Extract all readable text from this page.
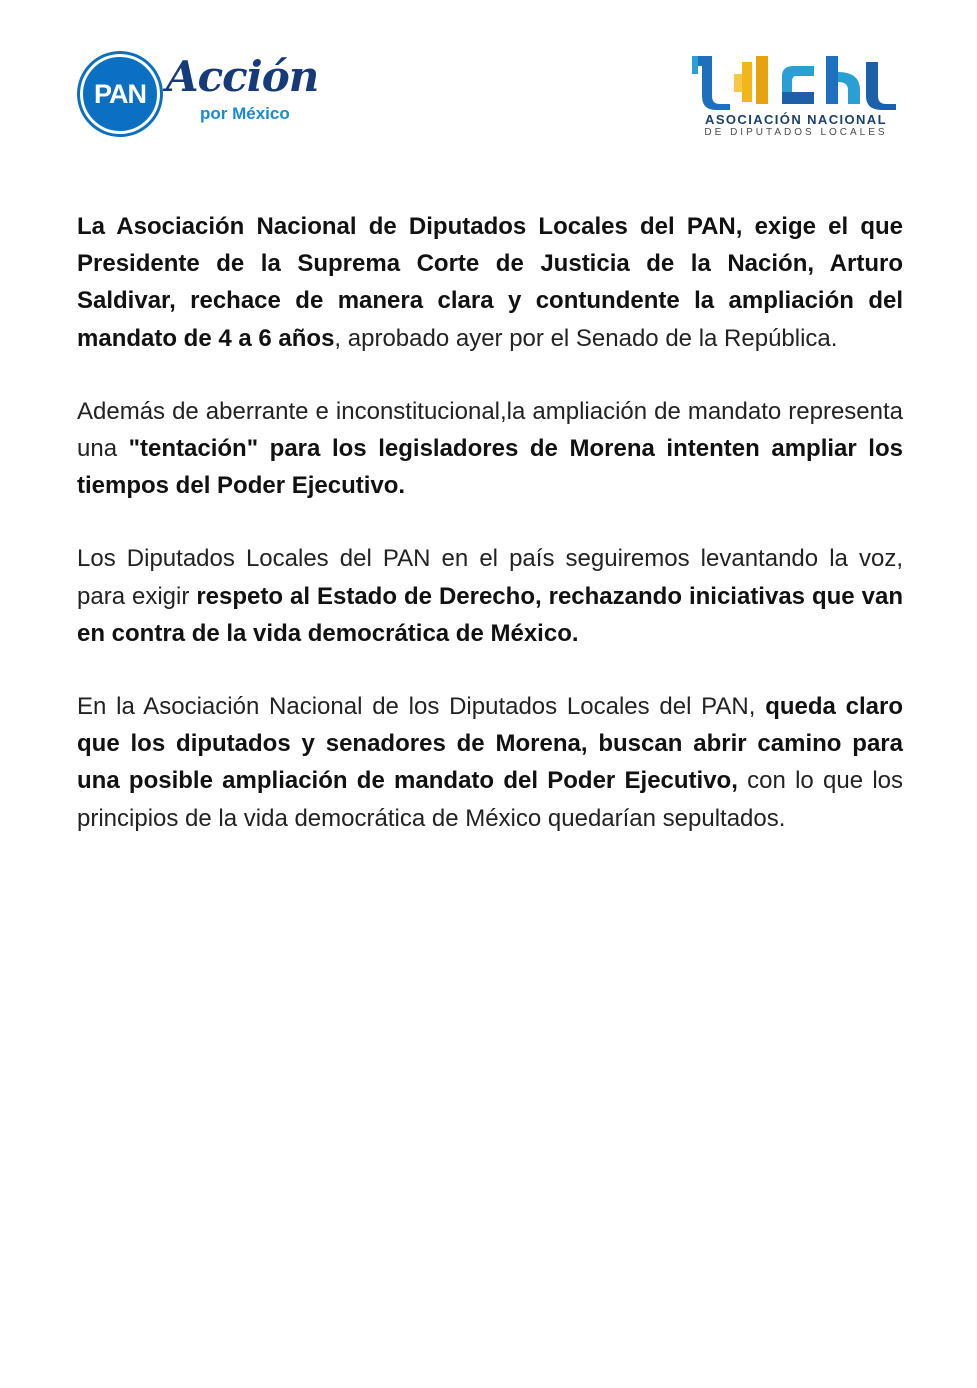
PAN Acción
por México	ASOCIACIÓN NACIONAL
DE DIPUTADOS LOCALES

La Asociación Nacional de Diputados Locales del PAN, exige el que Presidente de la Suprema Corte de Justicia de la Nación, Arturo Saldivar, rechace de manera clara y contundente la ampliación del mandato de 4 a 6 años, aprobado ayer por el Senado de la República.

Además de aberrante e inconstitucional,la ampliación de mandato representa una "tentación" para los legisladores de Morena intenten ampliar los tiempos del Poder Ejecutivo.

Los Diputados Locales del PAN en el país seguiremos levantando la voz, para exigir respeto al Estado de Derecho, rechazando iniciativas que van en contra de la vida democrática de México.

En la Asociación Nacional de los Diputados Locales del PAN, queda claro que los diputados y senadores de Morena, buscan abrir camino para una posible ampliación de mandato del Poder Ejecutivo, con lo que los principios de la vida democrática de México quedarían sepultados.
